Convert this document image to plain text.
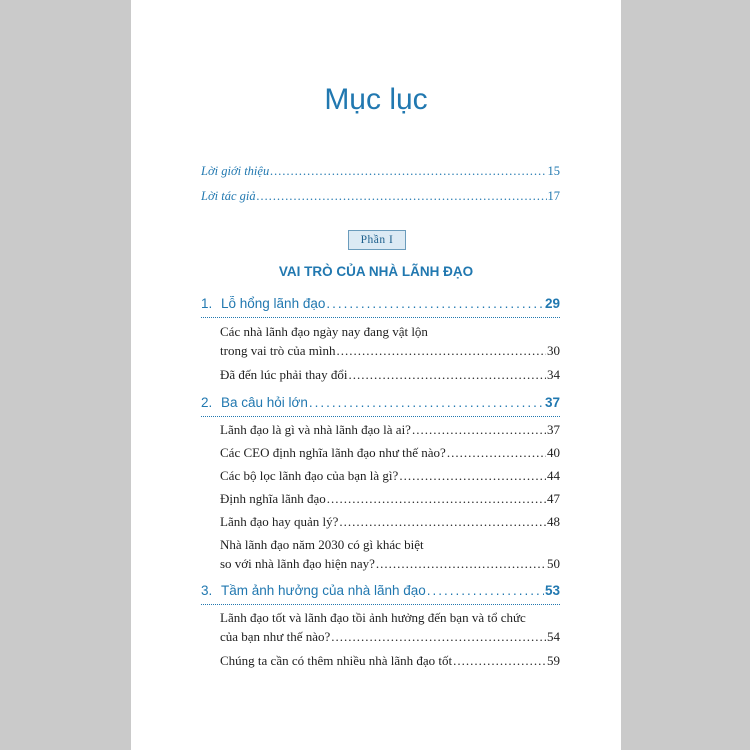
Mục lục
Lời giới thiệu .....	15
Lời tác giả .....	17
Phần I
VAI TRÒ CỦA NHÀ LÃNH ĐẠO
1. Lỗ hổng lãnh đạo .....	29
Các nhà lãnh đạo ngày nay đang vật lộn
trong vai trò của mình .....	30
Đã đến lúc phải thay đổi .....	34
2. Ba câu hỏi lớn .....	37
Lãnh đạo là gì và nhà lãnh đạo là ai? .....	37
Các CEO định nghĩa lãnh đạo như thế nào? .....	40
Các bộ lọc lãnh đạo của bạn là gì? .....	44
Định nghĩa lãnh đạo .....	47
Lãnh đạo hay quản lý? .....	48
Nhà lãnh đạo năm 2030 có gì khác biệt
so với nhà lãnh đạo hiện nay? .....	50
3. Tầm ảnh hưởng của nhà lãnh đạo .....	53
Lãnh đạo tốt và lãnh đạo tồi ảnh hưởng đến bạn và tổ chức
của bạn như thế nào? .....	54
Chúng ta cần có thêm nhiều nhà lãnh đạo tốt .....	59
